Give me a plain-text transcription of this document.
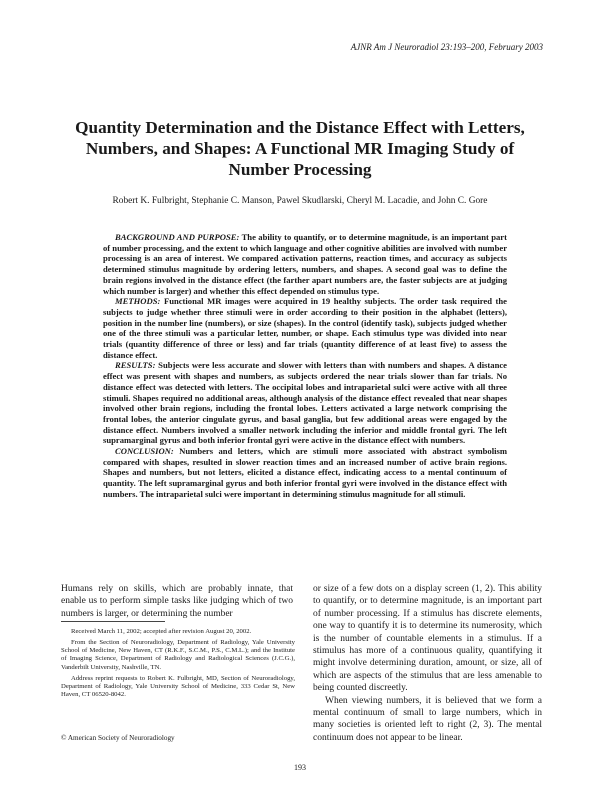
AJNR Am J Neuroradiol 23:193–200, February 2003
Quantity Determination and the Distance Effect with Letters, Numbers, and Shapes: A Functional MR Imaging Study of Number Processing
Robert K. Fulbright, Stephanie C. Manson, Pawel Skudlarski, Cheryl M. Lacadie, and John C. Gore

BACKGROUND AND PURPOSE: The ability to quantify, or to determine magnitude, is an important part of number processing, and the extent to which language and other cognitive abilities are involved with number processing is an area of interest. We compared activation patterns, reaction times, and accuracy as subjects determined stimulus magnitude by ordering letters, numbers, and shapes. A second goal was to define the brain regions involved in the distance effect (the farther apart numbers are, the faster subjects are at judging which number is larger) and whether this effect depended on stimulus type.

METHODS: Functional MR images were acquired in 19 healthy subjects. The order task required the subjects to judge whether three stimuli were in order according to their position in the alphabet (letters), position in the number line (numbers), or size (shapes). In the control (identify task), subjects judged whether one of the three stimuli was a particular letter, number, or shape. Each stimulus type was divided into near trials (quantity difference of three or less) and far trials (quantity difference of at least five) to assess the distance effect.

RESULTS: Subjects were less accurate and slower with letters than with numbers and shapes. A distance effect was present with shapes and numbers, as subjects ordered the near trials slower than far trials. No distance effect was detected with letters. The occipital lobes and intraparietal sulci were active with all three stimuli. Shapes required no additional areas, although analysis of the distance effect revealed that near shapes involved other brain regions, including the frontal lobes. Letters activated a large network comprising the frontal lobes, the anterior cingulate gyrus, and basal ganglia, but few additional areas were engaged by the distance effect. Numbers involved a smaller network including the inferior and middle frontal gyri. The left supramarginal gyrus and both inferior frontal gyri were active in the distance effect with numbers.

CONCLUSION: Numbers and letters, which are stimuli more associated with abstract symbolism compared with shapes, resulted in slower reaction times and an increased number of active brain regions. Shapes and numbers, but not letters, elicited a distance effect, indicating access to a mental continuum of quantity. The left supramarginal gyrus and both inferior frontal gyri were involved in the distance effect with numbers. The intraparietal sulci were important in determining stimulus magnitude for all stimuli.

Humans rely on skills, which are probably innate, that enable us to perform simple tasks like judging which of two numbers is larger, or determining the number

Received March 11, 2002; accepted after revision August 20, 2002.

From the Section of Neuroradiology, Department of Radiology, Yale University School of Medicine, New Haven, CT (R.K.F., S.C.M., P.S., C.M.L.); and the Institute of Imaging Science, Department of Radiology and Radiological Sciences (J.C.G.), Vanderbilt University, Nashville, TN.

Address reprint requests to Robert K. Fulbright, MD, Section of Neuroradiology, Department of Radiology, Yale University School of Medicine, 333 Cedar St, New Haven, CT 06520-8042.

© American Society of Neuroradiology

or size of a few dots on a display screen (1, 2). This ability to quantify, or to determine magnitude, is an important part of number processing. If a stimulus has discrete elements, one way to quantify it is to determine its numerosity, which is the number of countable elements in a stimulus. If a stimulus has more of a continuous quality, quantifying it might involve determining duration, amount, or size, all of which are aspects of the stimulus that are less amenable to being counted discreetly.

When viewing numbers, it is believed that we form a mental continuum of small to large numbers, which in many societies is oriented left to right (2, 3). The mental continuum does not appear to be linear.

193
